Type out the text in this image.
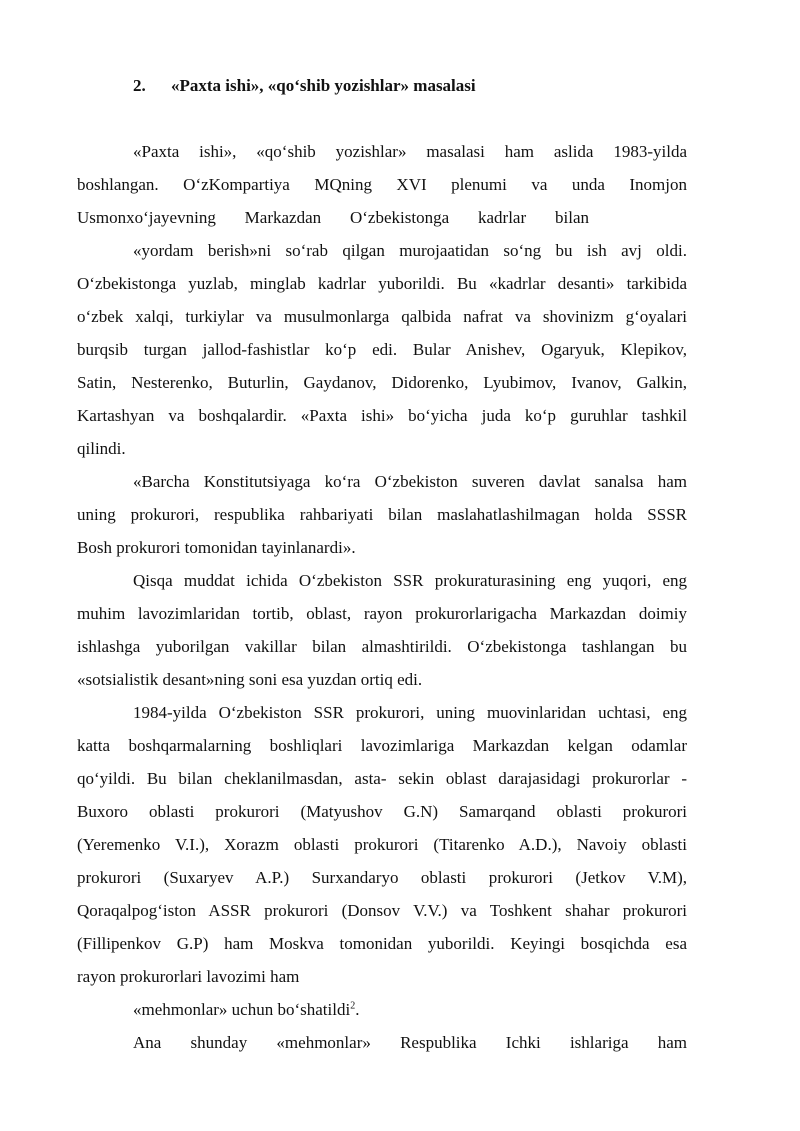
2. «Paxta ishi», «qo‘shib yozishlar» masalasi
«Paxta ishi», «qo‘shib yozishlar» masalasi ham aslida 1983-yilda
boshlangan. O‘zKompartiya MQning XVI plenumi va unda Inomjon
Usmonxo‘jayevning Markazdan O‘zbekistonga kadrlar bilan
«yordam berish»ni so‘rab qilgan murojaatidan so‘ng bu ish avj oldi.
O‘zbekistonga yuzlab, minglab kadrlar yuborildi. Bu «kadrlar desanti» tarkibida
o‘zbek xalqi, turkiylar va musulmonlarga qalbida nafrat va shovinizm g‘oyalari
burqsib turgan jallod-fashistlar ko‘p edi. Bular Anishev, Ogaryuk, Klepikov,
Satin, Nesterenko, Buturlin, Gaydanov, Didorenko, Lyubimov, Ivanov, Galkin,
Kartashyan va boshqalardir. «Paxta ishi» bo‘yicha juda ko‘p guruhlar tashkil
qilindi.
«Barcha Konstitutsiyaga ko‘ra O‘zbekiston suveren davlat sanalsa ham
uning prokurori, respublika rahbariyati bilan maslahatlashilmagan holda SSSR
Bosh prokurori tomonidan tayinlanardi».
Qisqa muddat ichida O‘zbekiston SSR prokuraturasining eng yuqori, eng
muhim lavozimlaridan tortib, oblast, rayon prokurorlarigacha Markazdan doimiy
ishlashga yuborilgan vakillar bilan almashtirildi. O‘zbekistonga tashlangan bu
«sotsialistik desant»ning soni esa yuzdan ortiq edi.
1984-yilda O‘zbekiston SSR prokurori, uning muovinlaridan uchtasi, eng
katta boshqarmalarning boshliqlari lavozimlariga Markazdan kelgan odamlar
qo‘yildi. Bu bilan cheklanilmasdan, asta- sekin oblast darajasidagi prokurorlar -
Buxoro oblasti prokurori (Matyushov G.N) Samarqand oblasti prokurori
(Yeremenko V.I.), Xorazm oblasti prokurori (Titarenko A.D.), Navoiy oblasti
prokurori (Suxaryev A.P.) Surxandaryo oblasti prokurori (Jetkov V.M),
Qoraqalpog‘iston ASSR prokurori (Donsov V.V.) va Toshkent shahar prokurori
(Fillipenkov G.P) ham Moskva tomonidan yuborildi. Keyingi bosqichda esa
rayon prokurorlari lavozimi ham
«mehmonlar» uchun bo‘shatildi$^2$.
Ana shunday «mehmonlar» Respublika Ichki ishlariga ham
